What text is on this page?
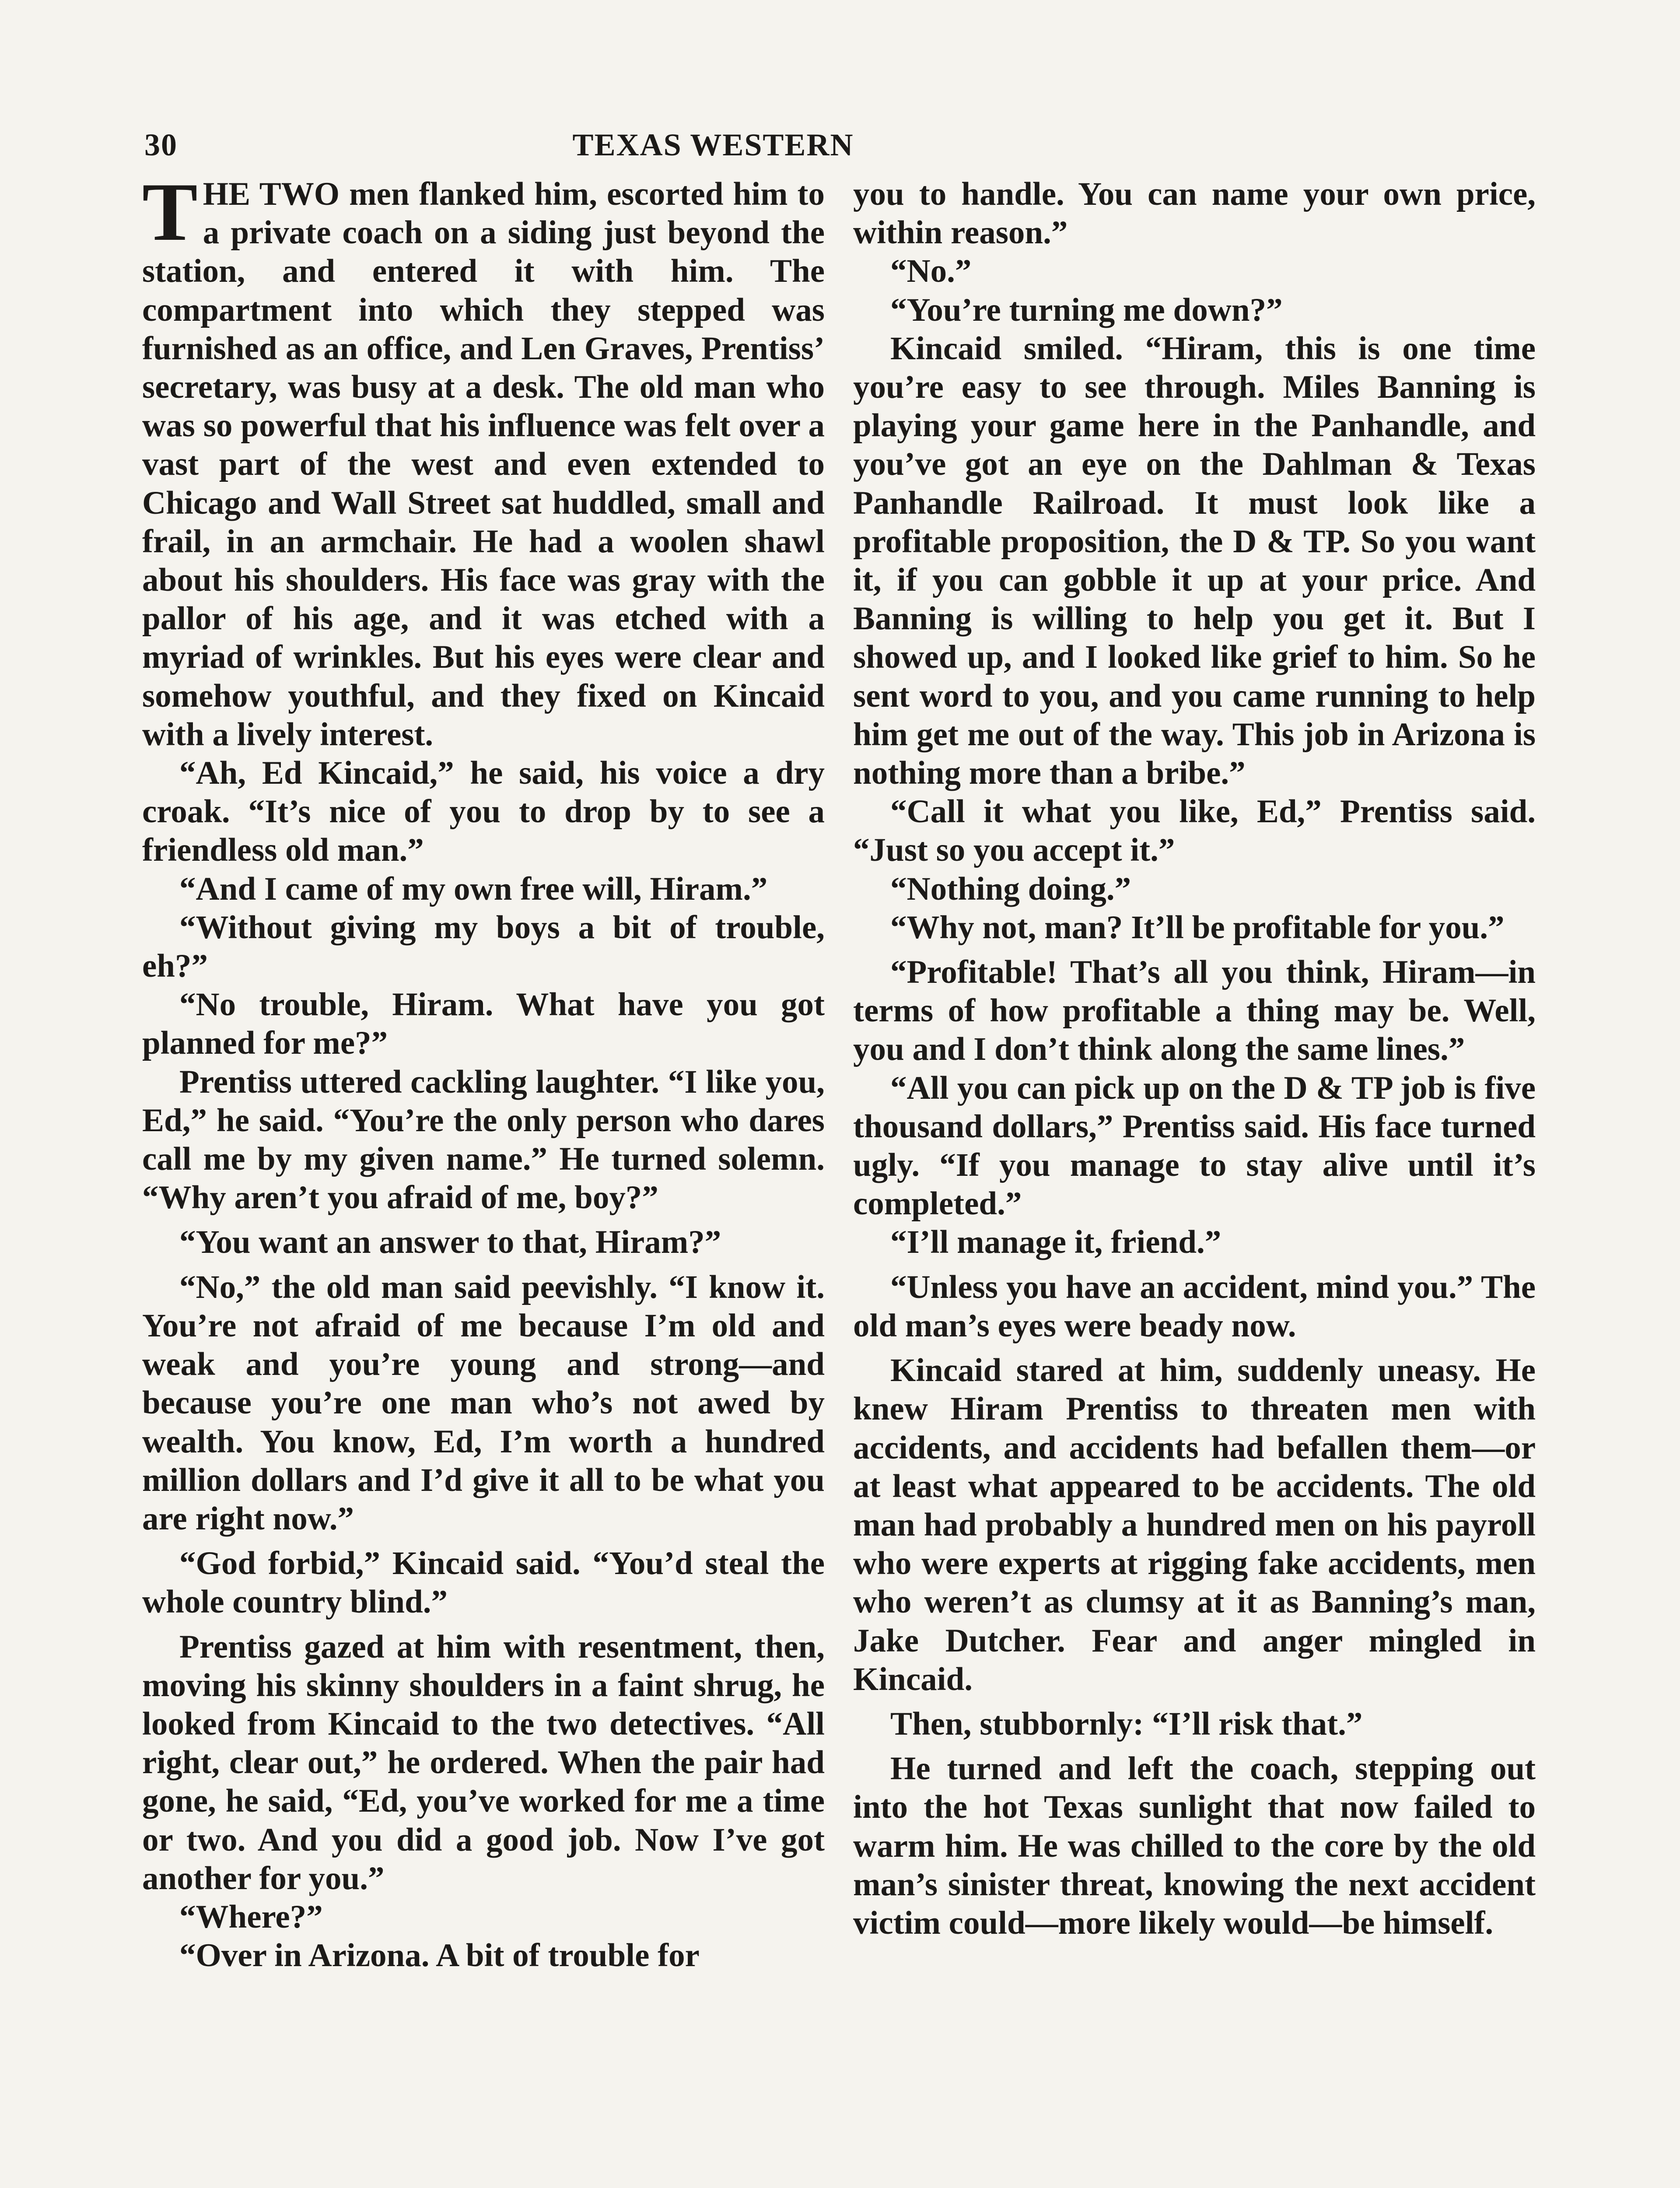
30	TEXAS WESTERN

THE TWO men flanked him, escorted him to a private coach on a siding just beyond the station, and entered it with him. The compartment into which they stepped was furnished as an office, and Len Graves, Prentiss’ secretary, was busy at a desk. The old man who was so powerful that his influence was felt over a vast part of the west and even extended to Chicago and Wall Street sat huddled, small and frail, in an armchair. He had a woolen shawl about his shoulders. His face was gray with the pallor of his age, and it was etched with a myriad of wrinkles. But his eyes were clear and somehow youthful, and they fixed on Kincaid with a lively interest.

“Ah, Ed Kincaid,” he said, his voice a dry croak. “It’s nice of you to drop by to see a friendless old man.”

“And I came of my own free will, Hiram.”

“Without giving my boys a bit of trouble, eh?”

“No trouble, Hiram. What have you got planned for me?”

Prentiss uttered cackling laughter. “I like you, Ed,” he said. “You’re the only person who dares call me by my given name.” He turned solemn. “Why aren’t you afraid of me, boy?”

“You want an answer to that, Hiram?”

“No,” the old man said peevishly. “I know it. You’re not afraid of me because I’m old and weak and you’re young and strong—and because you’re one man who’s not awed by wealth. You know, Ed, I’m worth a hundred million dollars and I’d give it all to be what you are right now.”

“God forbid,” Kincaid said. “You’d steal the whole country blind.”

Prentiss gazed at him with resentment, then, moving his skinny shoulders in a faint shrug, he looked from Kincaid to the two detectives. “All right, clear out,” he ordered. When the pair had gone, he said, “Ed, you’ve worked for me a time or two. And you did a good job. Now I’ve got another for you.”

“Where?”

“Over in Arizona. A bit of trouble for

you to handle. You can name your own price, within reason.”

“No.”

“You’re turning me down?”

Kincaid smiled. “Hiram, this is one time you’re easy to see through. Miles Banning is playing your game here in the Panhandle, and you’ve got an eye on the Dahlman & Texas Panhandle Railroad. It must look like a profitable proposition, the D & TP. So you want it, if you can gobble it up at your price. And Banning is willing to help you get it. But I showed up, and I looked like grief to him. So he sent word to you, and you came running to help him get me out of the way. This job in Arizona is nothing more than a bribe.”

“Call it what you like, Ed,” Prentiss said. “Just so you accept it.”

“Nothing doing.”

“Why not, man? It’ll be profitable for you.”

“Profitable! That’s all you think, Hiram—in terms of how profitable a thing may be. Well, you and I don’t think along the same lines.”

“All you can pick up on the D & TP job is five thousand dollars,” Prentiss said. His face turned ugly. “If you manage to stay alive until it’s completed.”

“I’ll manage it, friend.”

“Unless you have an accident, mind you.” The old man’s eyes were beady now.

Kincaid stared at him, suddenly uneasy. He knew Hiram Prentiss to threaten men with accidents, and accidents had befallen them—or at least what appeared to be accidents. The old man had probably a hundred men on his payroll who were experts at rigging fake accidents, men who weren’t as clumsy at it as Banning’s man, Jake Dutcher. Fear and anger mingled in Kincaid.

Then, stubbornly: “I’ll risk that.”

He turned and left the coach, stepping out into the hot Texas sunlight that now failed to warm him. He was chilled to the core by the old man’s sinister threat, knowing the next accident victim could—more likely would—be himself.
